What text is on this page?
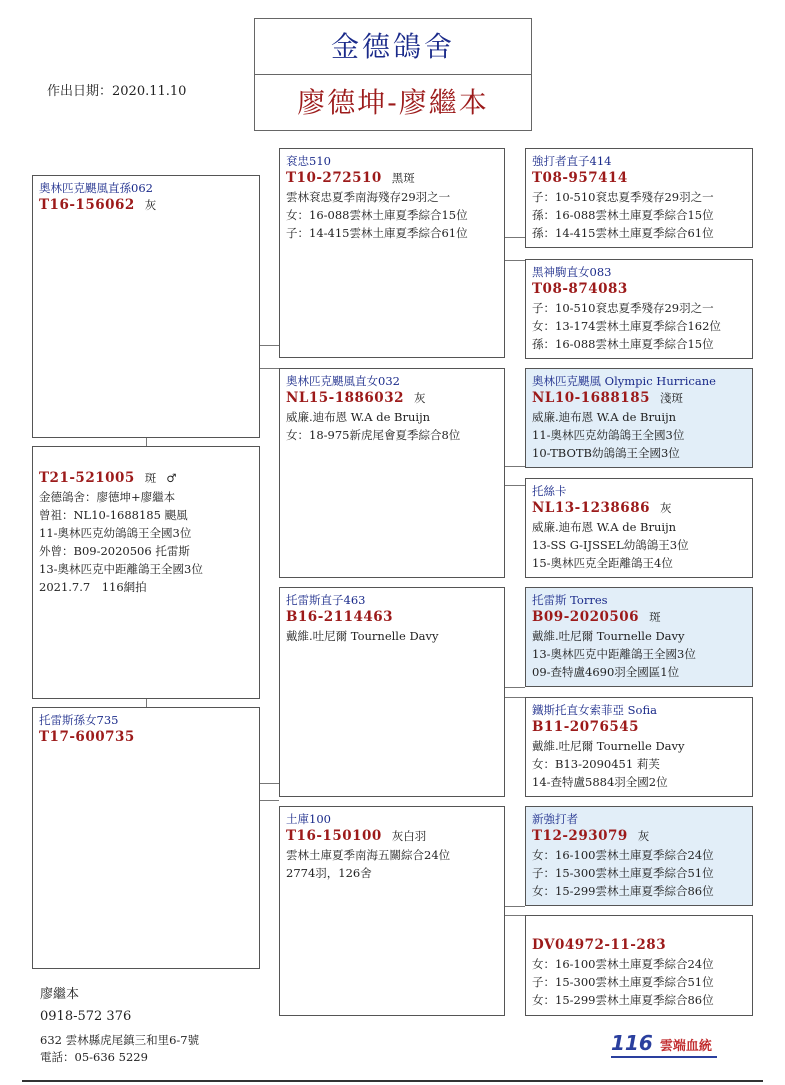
金德鴿舍
廖德坤-廖繼本
作出日期：2020.11.10
奧林匹克颶風直孫062
T16-156062 灰
T21-521005 斑 ♂
金德鴿舍：廖德坤+廖繼本
曾祖：NL10-1688185 颶風
11-奧林匹克幼鴿鴿王全國3位
外曾：B09-2020506 托雷斯
13-奧林匹克中距離鴿王全國3位
2021.7.7　116網拍
托雷斯孫女735
T17-600735
袞忠510
T10-272510 黑斑
雲林袞忠夏季南海殘存29羽之一
女：16-088雲林土庫夏季綜合15位
子：14-415雲林土庫夏季綜合61位
奧林匹克颶風直女032
NL15-1886032 灰
威廉.迪布恩 W.A de Bruijn
女：18-975新虎尾會夏季綜合8位
托雷斯直子463
B16-2114463
戴維.吐尼爾 Tournelle Davy
土庫100
T16-150100 灰白羽
雲林土庫夏季南海五關綜合24位
2774羽，126舍
強打者直子414
T08-957414
子：10-510袞忠夏季殘存29羽之一
孫：16-088雲林土庫夏季綜合15位
孫：14-415雲林土庫夏季綜合61位
黑神駒直女083
T08-874083
子：10-510袞忠夏季殘存29羽之一
女：13-174雲林土庫夏季綜合162位
孫：16-088雲林土庫夏季綜合15位
奧林匹克颶風 Olympic Hurricane
NL10-1688185 淺斑
威廉.迪布恩 W.A de Bruijn
11-奧林匹克幼鴿鴿王全國3位
10-TBOTB幼鴿鴿王全國3位
托絲卡
NL13-1238686 灰
威廉.迪布恩 W.A de Bruijn
13-SS G-IJSSEL幼鴿鴿王3位
15-奧林匹克全距離鴿王4位
托雷斯 Torres
B09-2020506 斑
戴維.吐尼爾 Tournelle Davy
13-奧林匹克中距離鴿王全國3位
09-查特盧4690羽全國區1位
鐵斯托直女索菲亞 Sofia
B11-2076545
戴維.吐尼爾 Tournelle Davy
女：B13-2090451 莉芙
14-查特盧5884羽全國2位
新強打者
T12-293079 灰
女：16-100雲林土庫夏季綜合24位
子：15-300雲林土庫夏季綜合51位
女：15-299雲林土庫夏季綜合86位
DV04972-11-283
女：16-100雲林土庫夏季綜合24位
子：15-300雲林土庫夏季綜合51位
女：15-299雲林土庫夏季綜合86位
廖繼本
0918-572 376
632 雲林縣虎尾鎮三和里6-7號
電話：05-636 5229
116 雲端血統
